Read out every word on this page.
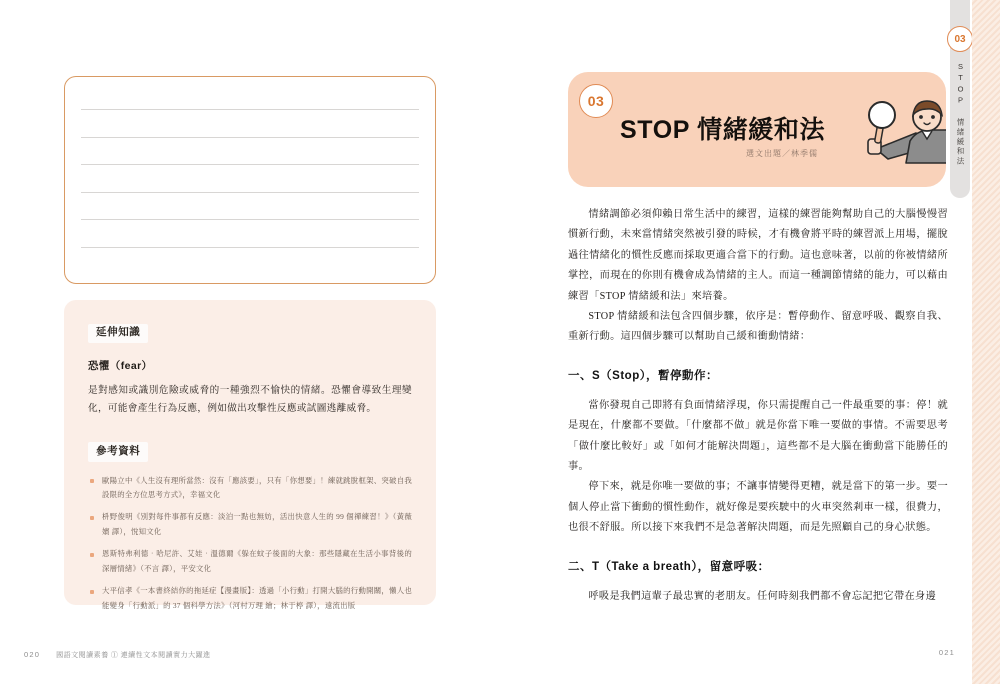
延伸知識
恐懼（fear）
是對感知或識別危險或威脅的一種強烈不愉快的情緒。恐懼會導致生理變化，可能會產生行為反應，例如做出攻擊性反應或試圖逃離威脅。
參考資料
歐陽立中《人生沒有理所當然：沒有「應該要」，只有「你想要」！練就跳脫框架、突破自我設限的全方位思考方式》，幸福文化
枡野俊明《別對每件事都有反應：淡泊一點也無妨，活出快意人生的 99 個禪練習！》（黃薇嬪 譯），悅知文化
恩斯特弗利德‧哈尼許、艾娃‧溫德爾《躲在蚊子後面的大象：那些隱藏在生活小事背後的深層情緒》（不言 譯），平安文化
大平信孝《一本書終結你的拖延症【漫畫版】：透過「小行動」打開大腦的行動開關，懶人也能變身「行動派」的 37 個科學方法》（河村万理 繪；林于楟 譯），遠流出版
020 國語文閱讀素養 ① 連續性文本閱讀實力大躍進
03
STOP 情緒緩和法
選文出題／林季儒

情緒調節必須仰賴日常生活中的練習，這樣的練習能夠幫助自己的大腦慢慢習慣新行動，未來當情緒突然被引發的時候，才有機會將平時的練習派上用場，擺脫過往情緒化的慣性反應而採取更適合當下的行動。這也意味著，以前的你被情緒所掌控，而現在的你則有機會成為情緒的主人。而這一種調節情緒的能力，可以藉由練習「STOP 情緒緩和法」來培養。

STOP 情緒緩和法包含四個步驟，依序是：暫停動作、留意呼吸、觀察自我、重新行動。這四個步驟可以幫助自己緩和衝動情緒：

一、S（Stop），暫停動作：

當你發現自己即將有負面情緒浮現，你只需提醒自己一件最重要的事：停！就是現在，什麼都不要做。「什麼都不做」就是你當下唯一要做的事情。不需要思考「做什麼比較好」或「如何才能解決問題」，這些都不是大腦在衝動當下能勝任的事。

停下來，就是你唯一要做的事；不讓事情變得更糟，就是當下的第一步。要一個人停止當下衝動的慣性動作，就好像是要疾駛中的火車突然剎車一樣，很費力，也很不舒服。所以接下來我們不是急著解決問題，而是先照顧自己的身心狀態。

二、T（Take a breath），留意呼吸：

呼吸是我們這輩子最忠實的老朋友。任何時刻我們都不會忘記把它帶在身邊

03
STOP 情緒緩和法
021
